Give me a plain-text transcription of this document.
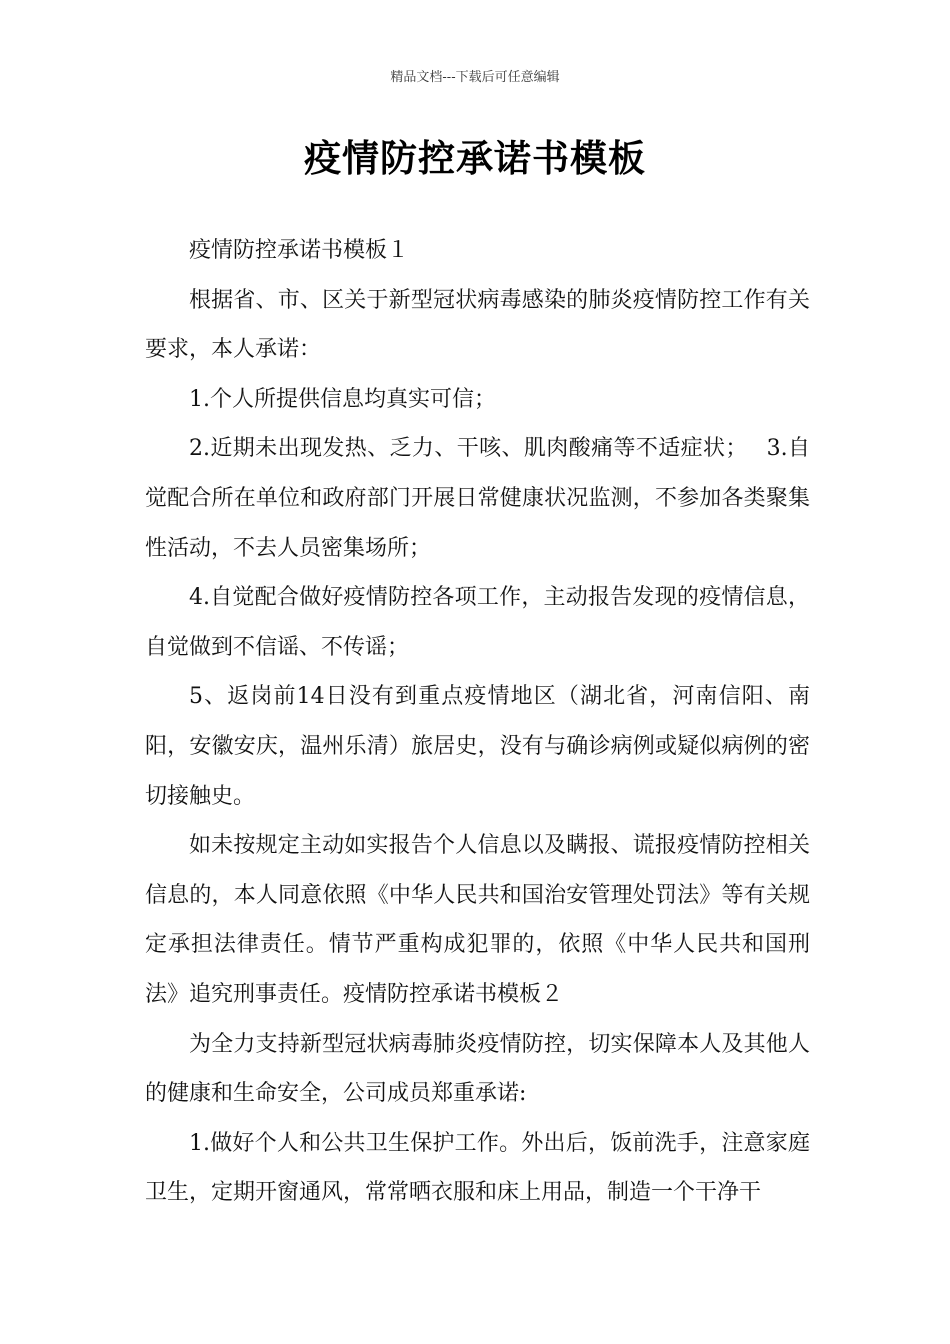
精品文档---下载后可任意编辑
疫情防控承诺书模板

疫情防控承诺书模板１

根据省、市、区关于新型冠状病毒感染的肺炎疫情防控工作有关要求，本人承诺：

1.个人所提供信息均真实可信；

2.近期未出现发热、乏力、干咳、肌肉酸痛等不适症状；　 3.自觉配合所在单位和政府部门开展日常健康状况监测，不参加各类聚集性活动，不去人员密集场所；

4.自觉配合做好疫情防控各项工作，主动报告发现的疫情信息，自觉做到不信谣、不传谣；

5、返岗前14日没有到重点疫情地区（湖北省，河南信阳、南阳，安徽安庆，温州乐清）旅居史，没有与确诊病例或疑似病例的密切接触史。

如未按规定主动如实报告个人信息以及瞒报、谎报疫情防控相关信息的，本人同意依照《中华人民共和国治安管理处罚法》等有关规定承担法律责任。情节严重构成犯罪的，依照《中华人民共和国刑法》追究刑事责任。疫情防控承诺书模板２

为全力支持新型冠状病毒肺炎疫情防控，切实保障本人及其他人的健康和生命安全，公司成员郑重承诺:

1.做好个人和公共卫生保护工作。外出后，饭前洗手，注意家庭卫生，定期开窗通风，常常晒衣服和床上用品，制造一个干净干
